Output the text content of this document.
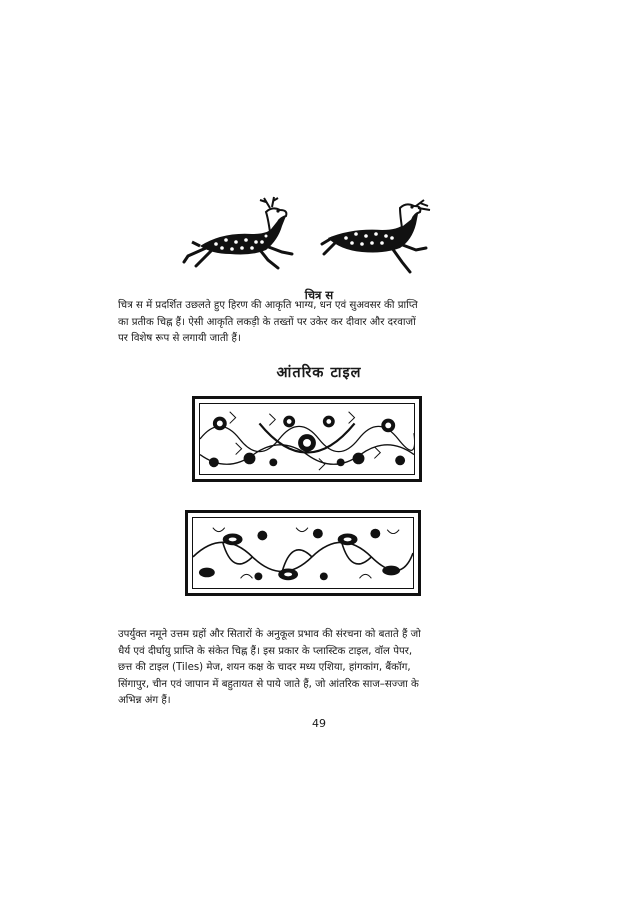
चित्र स

चित्र स में प्रदर्शित उछलते हुए हिरण की आकृति भाग्य, धन एवं सुअवसर की प्राप्ति
का प्रतीक चिह्न हैं। ऐसी आकृति लकड़ी के तख्तों पर उकेर कर दीवार और दरवाजों
पर विशेष रूप से लगायी जाती हैं।

आंतरिक टाइल

उपर्युक्त नमूने उत्तम ग्रहों और सितारों के अनुकूल प्रभाव की संरचना को बताते हैं जो
धैर्य एवं दीर्घायु प्राप्ति के संकेत चिह्न हैं। इस प्रकार के प्लास्टिक टाइल, वॉल पेपर,
छत्त की टाइल (Tiles) मेज, शयन कक्ष के चादर मध्य एशिया, हांगकांग, बैंकॉग,
सिंगापुर, चीन एवं जापान में बहुतायत से पाये जाते हैं, जो आंतरिक साज–सज्जा के
अभिन्न अंग हैं।

49
